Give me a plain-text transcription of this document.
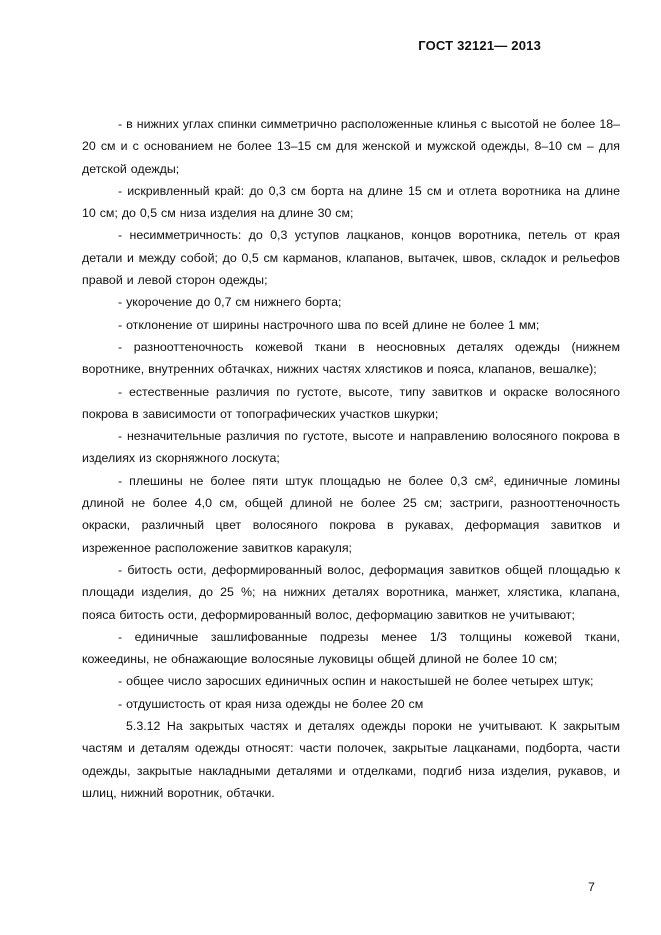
ГОСТ 32121— 2013

- в нижних углах спинки симметрично расположенные клинья с высотой не более 18–20 см и с основанием не более 13–15 см для женской и мужской одежды, 8–10 см – для детской одежды;

- искривленный край: до 0,3 см борта на длине 15 см и отлета воротника на длине 10 см; до 0,5 см низа изделия на длине 30 см;

- несимметричность: до 0,3 уступов лацканов, концов воротника, петель от края детали и между собой; до 0,5 см карманов, клапанов, вытачек, швов, складок и рельефов правой и левой сторон одежды;

- укорочение до 0,7 см нижнего борта;

- отклонение от ширины настрочного шва по всей длине не более 1 мм;

- разнооттеночность кожевой ткани в неосновных деталях одежды (нижнем воротнике, внутренних обтачках, нижних частях хлястиков и пояса, клапанов, вешалке);

- естественные различия по густоте, высоте, типу завитков и окраске волосяного покрова в зависимости от топографических участков шкурки;

- незначительные различия по густоте, высоте и направлению волосяного покрова в изделиях из скорняжного лоскута;

- плешины не более пяти штук площадью не более 0,3 см², единичные ломины длиной не более 4,0 см, общей длиной не более 25 см; застриги, разнооттеночность окраски, различный цвет волосяного покрова в рукавах, деформация завитков и изреженное расположение завитков каракуля;

- битость ости, деформированный волос, деформация завитков общей площадью к площади изделия, до 25 %; на нижних деталях воротника, манжет, хлястика, клапана, пояса битость ости, деформированный волос, деформацию завитков не учитывают;

- единичные зашлифованные подрезы менее 1/3 толщины кожевой ткани, кожеедины, не обнажающие волосяные луковицы общей длиной не более 10 см;

- общее число заросших единичных оспин и накостышей не более четырех штук;

- отдушистость от края низа одежды не более 20 см

5.3.12 На закрытых частях и деталях одежды пороки не учитывают. К закрытым частям и деталям одежды относят: части полочек, закрытые лацканами, подборта, части одежды, закрытые накладными деталями и отделками, подгиб низа изделия, рукавов, и шлиц, нижний воротник, обтачки.

7
